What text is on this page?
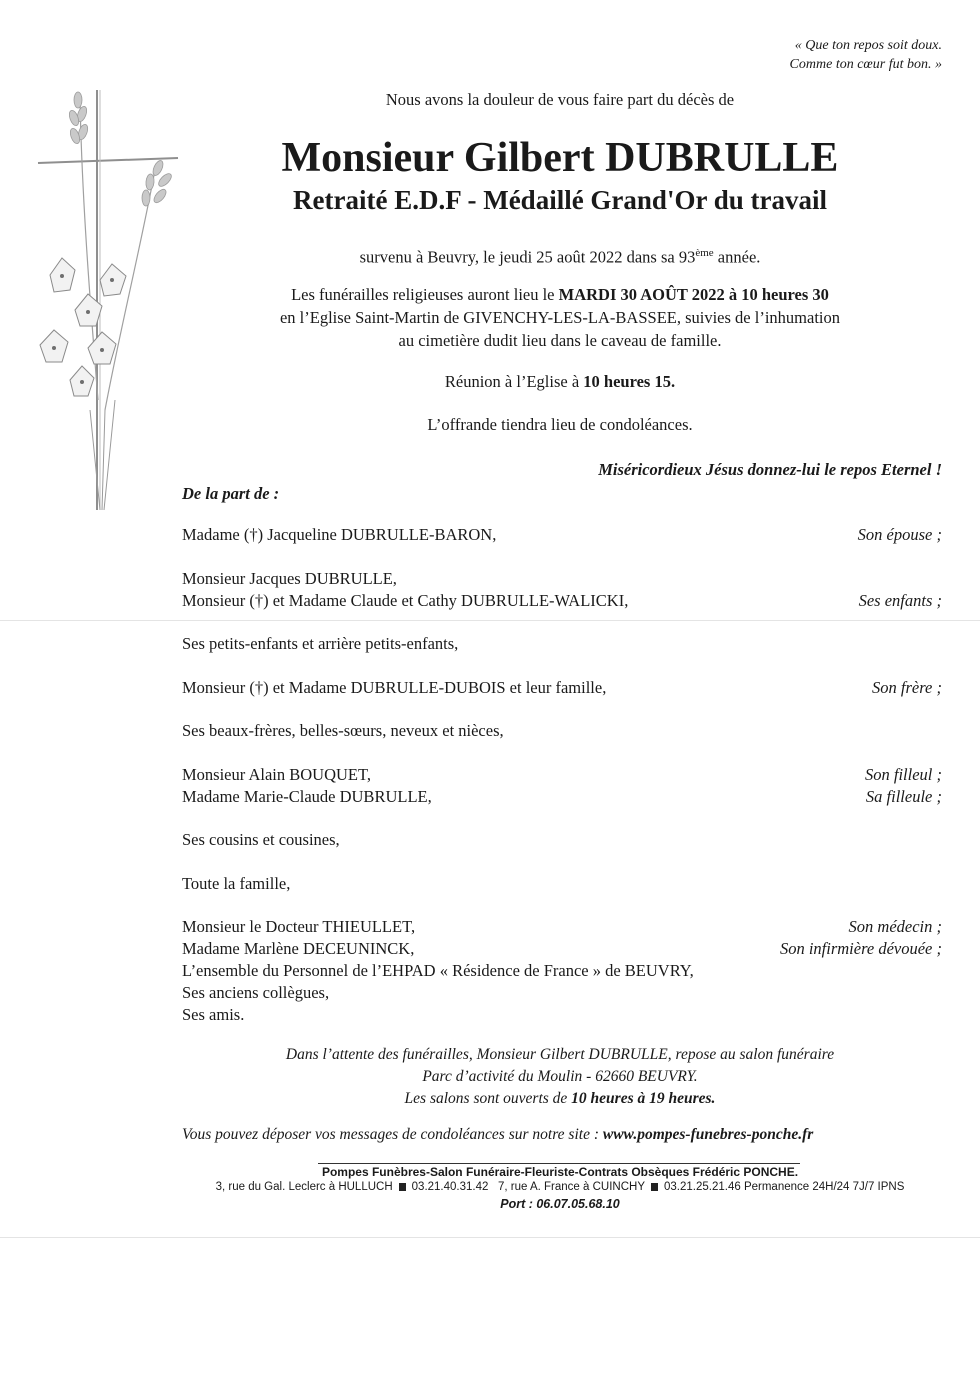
« Que ton repos soit doux.
Comme ton cœur fut bon. »
Nous avons la douleur de vous faire part du décès de
Monsieur Gilbert DUBRULLE
Retraité E.D.F - Médaillé Grand'Or du travail
survenu à Beuvry, le jeudi 25 août 2022 dans sa 93ème année.
Les funérailles religieuses auront lieu le MARDI 30 AOÛT 2022 à 10 heures 30
en l’Eglise Saint-Martin de GIVENCHY-LES-LA-BASSEE, suivies de l’inhumation
au cimetière dudit lieu dans le caveau de famille.
Réunion à l’Eglise à 10 heures 15.
L’offrande tiendra lieu de condoléances.
Miséricordieux Jésus donnez-lui le repos Eternel !
De la part de :
Madame (†) Jacqueline DUBRULLE-BARON,	Son épouse ;
Monsieur Jacques DUBRULLE,
Monsieur (†) et Madame Claude et Cathy DUBRULLE-WALICKI,	Ses enfants ;
Ses petits-enfants et arrière petits-enfants,
Monsieur (†) et Madame DUBRULLE-DUBOIS et leur famille,	Son frère ;
Ses beaux-frères, belles-sœurs, neveux et nièces,
Monsieur Alain BOUQUET,	Son filleul ;
Madame Marie-Claude DUBRULLE,	Sa filleule ;
Ses cousins et cousines,
Toute la famille,
Monsieur le Docteur THIEULLET,	Son médecin ;
Madame Marlène DECEUNINCK,	Son infirmière dévouée ;
L’ensemble du Personnel de l’EHPAD « Résidence de France » de BEUVRY,
Ses anciens collègues,
Ses amis.
Dans l’attente des funérailles, Monsieur Gilbert DUBRULLE, repose au salon funéraire
Parc d’activité du Moulin - 62660 BEUVRY.
Les salons sont ouverts de 10 heures à 19 heures.
Vous pouvez déposer vos messages de condoléances sur notre site : www.pompes-funebres-ponche.fr
Pompes Funèbres-Salon Funéraire-Fleuriste-Contrats Obsèques Frédéric PONCHE.
3, rue du Gal. Leclerc à HULLUCH 03.21.40.31.42 7, rue A. France à CUINCHY 03.21.25.21.46 Permanence 24H/24 7J/7 IPNS
Port : 06.07.05.68.10
